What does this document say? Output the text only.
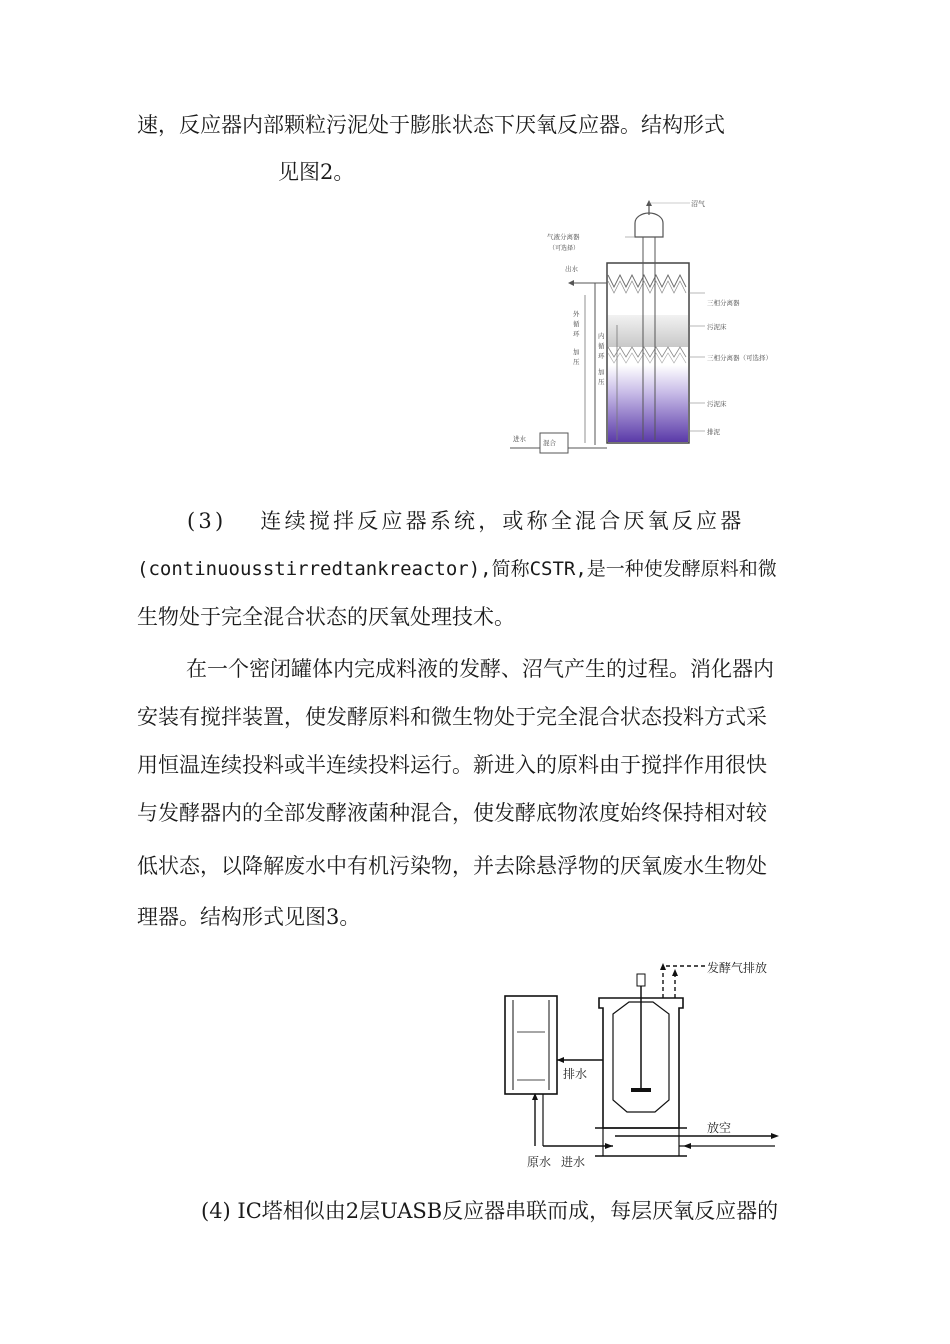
速，反应器内部颗粒污泥处于膨胀状态下厌氧反应器。结构形式
见图2。
沼气
气液分离器
（可选择）
出水
三相分离器
污泥床
三相分离器（可选择）
污泥床
排泥
外
循
环
加
压
内
循
环
加
压
进水	混合
(3)　 连续搅拌反应器系统，或称全混合厌氧反应器
(continuousstirredtankreactor),简称CSTR,是一种使发酵原料和微
生物处于完全混合状态的厌氧处理技术。
在一个密闭罐体内完成料液的发酵、沼气产生的过程。消化器内
安装有搅拌装置，使发酵原料和微生物处于完全混合状态投料方式采
用恒温连续投料或半连续投料运行。新进入的原料由于搅拌作用很快
与发酵器内的全部发酵液菌种混合，使发酵底物浓度始终保持相对较
低状态，以降解废水中有机污染物，并去除悬浮物的厌氧废水生物处
理器。结构形式见图3。
发酵气排放
排水
放空
原水 进水
(4) IC塔相似由2层UASB反应器串联而成，每层厌氧反应器的
